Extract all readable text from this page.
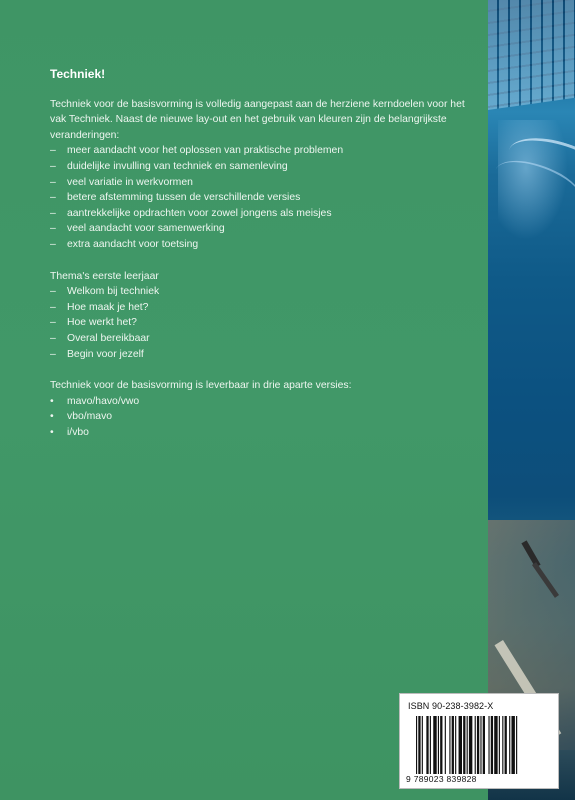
Techniek!

Techniek voor de basisvorming is volledig aangepast aan de herziene kerndoelen voor het vak Techniek. Naast de nieuwe lay-out en het gebruik van kleuren zijn de belangrijkste veranderingen:

– meer aandacht voor het oplossen van praktische problemen
– duidelijke invulling van techniek en samenleving
– veel variatie in werkvormen
– betere afstemming tussen de verschillende versies
– aantrekkelijke opdrachten voor zowel jongens als meisjes
– veel aandacht voor samenwerking
– extra aandacht voor toetsing

Thema's eerste leerjaar

– Welkom bij techniek
– Hoe maak je het?
– Hoe werkt het?
– Overal bereikbaar
– Begin voor jezelf

Techniek voor de basisvorming is leverbaar in drie aparte versies:

• mavo/havo/vwo
• vbo/mavo
• i/vbo
ISBN 90-238-3982-X
9 789023 839828
